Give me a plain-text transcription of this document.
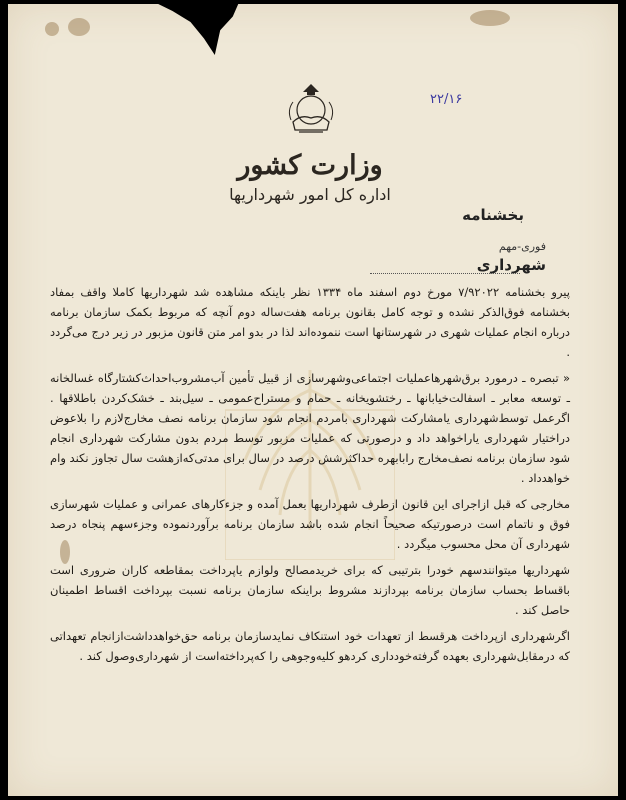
۲۲/۱۶
وزارت کشور
اداره کل امور شهرداریها
بخشنامه
فوری-مهم
شهرداری

پیرو بخشنامه ۷/۹۲۰۲۲ مورخ دوم اسفند ماه ۱۳۳۴ نظر باینکه مشاهده شد شهرداریها کاملا واقف بمفاد بخشنامه فوق‌الذکر نشده و توجه کامل بقانون برنامه هفت‌ساله دوم آنچه که مربوط بکمک سازمان برنامه درباره انجام عملیات شهری در شهرستانها است ننموده‌اند لذا در بدو امر متن قانون مزبور در زیر درج می‌گردد .

« تبصره ـ درمورد برق‌شهرها‌عملیات اجتماعی‌وشهرسازی از قبیل تأمین آب‌مشروب‌احداث‌کشتارگاه غسالخانه ـ توسعه معابر ـ اسفالت‌خیابانها ـ رختشویخانه ـ حمام و مستراح‌عمومی ـ سیل‌بند ـ خشک‌کردن باطلاقها . اگرعمل توسط‌شهرداری یامشارکت شهرداری بامردم انجام شود سازمان برنامه نصف مخارج‌لازم را بلاعوض دراختیار شهرداری یاراخواهد داد و درصورتی که عملیات مزبور توسط مردم بدون مشارکت شهرداری انجام شود سازمان برنامه نصف‌مخارج رابابهره حداکثرشش درصد در سال برای مدتی‌که‌ازهشت سال تجاوز نکند وام خواهدداد .

مخارجی که قبل ازاجرای این قانون ازطرف شهرداریها بعمل آمده و جزءکارهای عمرانی و عملیات شهرسازی فوق و ناتمام است درصورتیکه صحیحاً انجام شده باشد سازمان برنامه برآوردنموده وجزءسهم پنجاه درصد شهرداری آن محل محسوب میگردد .

شهرداریها میتوانندسهم خودرا بترتیبی که برای خریدمصالح ولوازم یاپرداخت بمقاطعه کاران ضروری است باقساط بحساب سازمان برنامه بپردازند مشروط براینکه سازمان برنامه نسبت بپرداخت اقساط اطمینان حاصل کند .

اگرشهرداری ازپرداخت هرقسط از تعهدات خود استنکاف نمایدسازمان برنامه حق‌خواهدداشت‌ازانجام تعهداتی که درمقابل‌شهرداری بعهده گرفته‌خودداری کردهو کلیه‌وجوهی را که‌پرداخته‌است از شهرداری‌وصول کند .
